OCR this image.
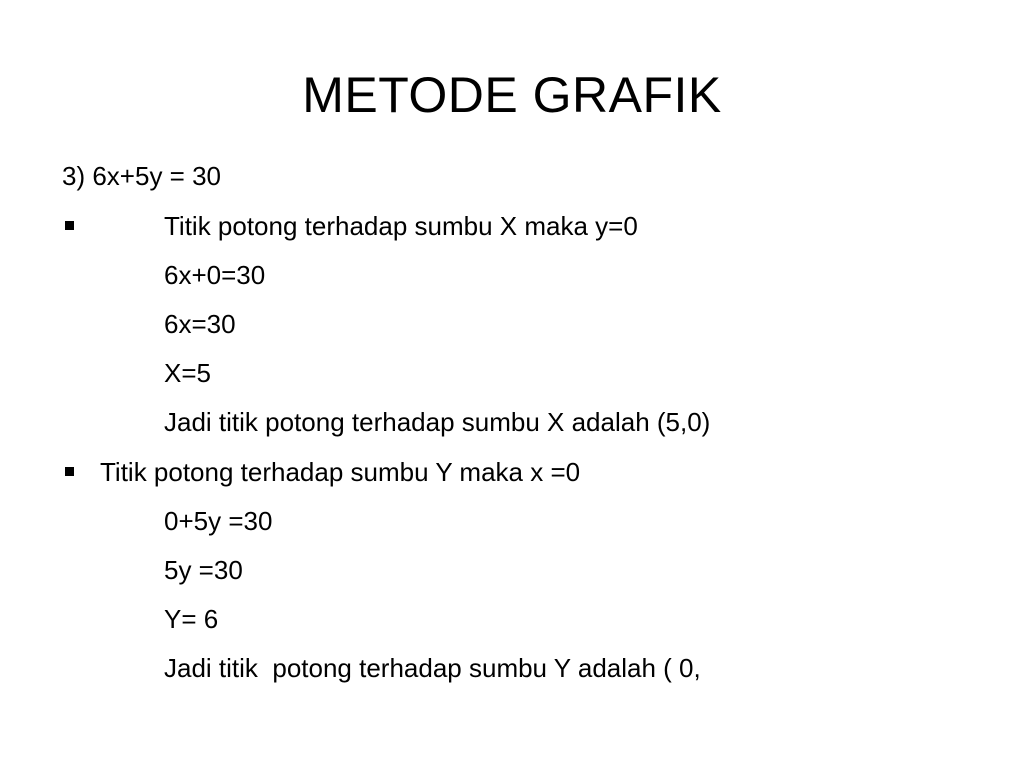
METODE GRAFIK
3) 6x+5y = 30
Titik potong terhadap sumbu X maka y=0
6x+0=30
6x=30
X=5
Jadi titik potong terhadap sumbu X adalah (5,0)
Titik potong terhadap sumbu Y maka x =0
0+5y =30
5y =30
Y= 6
Jadi titik  potong terhadap sumbu Y adalah ( 0,
